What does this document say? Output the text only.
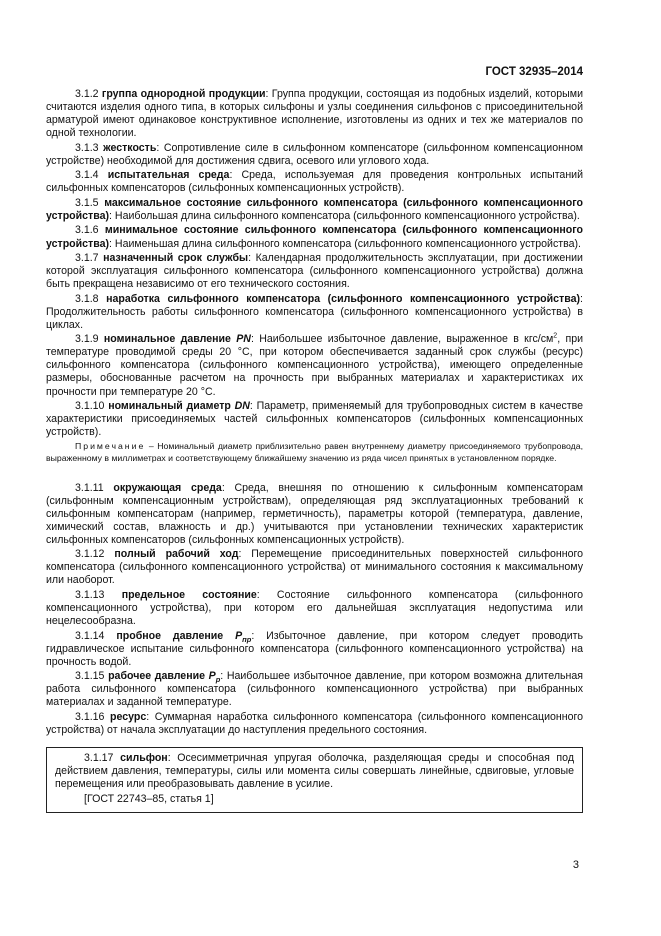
ГОСТ 32935–2014

3.1.2 группа однородной продукции: Группа продукции, состоящая из подобных изделий, которыми считаются изделия одного типа, в которых сильфоны и узлы соединения сильфонов с присоединительной арматурой имеют одинаковое конструктивное исполнение, изготовлены из одних и тех же материалов по одной технологии.

3.1.3 жесткость: Сопротивление силе в сильфонном компенсаторе (сильфонном компенсационном устройстве) необходимой для достижения сдвига, осевого или углового хода.

3.1.4 испытательная среда: Среда, используемая для проведения контрольных испытаний сильфонных компенсаторов (сильфонных компенсационных устройств).

3.1.5 максимальное состояние сильфонного компенсатора (сильфонного компенсационного устройства): Наибольшая длина сильфонного компенсатора (сильфонного компенсационного устройства).

3.1.6 минимальное состояние сильфонного компенсатора (сильфонного компенсационного устройства): Наименьшая длина сильфонного компенсатора (сильфонного компенсационного устройства).

3.1.7 назначенный срок службы: Календарная продолжительность эксплуатации, при достижении которой эксплуатация сильфонного компенсатора (сильфонного компенсационного устройства) должна быть прекращена независимо от его технического состояния.

3.1.8 наработка сильфонного компенсатора (сильфонного компенсационного устройства): Продолжительность работы сильфонного компенсатора (сильфонного компенсационного устройства) в циклах.

3.1.9 номинальное давление PN: Наибольшее избыточное давление, выраженное в кгс/$см^2$, при температуре проводимой среды 20 °С, при котором обеспечивается заданный срок службы (ресурс) сильфонного компенсатора (сильфонного компенсационного устройства), имеющего определенные размеры, обоснованные расчетом на прочность при выбранных материалах и характеристиках их прочности при температуре 20 °С.

3.1.10 номинальный диаметр DN: Параметр, применяемый для трубопроводных систем в качестве характеристики присоединяемых частей сильфонных компенсаторов (сильфонных компенсационных устройств).

Примечание – Номинальный диаметр приблизительно равен внутреннему диаметру присоединяемого трубопровода, выраженному в миллиметрах и соответствующему ближайшему значению из ряда чисел принятых в установленном порядке.

3.1.11 окружающая среда: Среда, внешняя по отношению к сильфонным компенсаторам (сильфонным компенсационным устройствам), определяющая ряд эксплуатационных требований к сильфонным компенсаторам (например, герметичность), параметры которой (температура, давление, химический состав, влажность и др.) учитываются при установлении технических характеристик сильфонных компенсаторов (сильфонных компенсационных устройств).

3.1.12 полный рабочий ход: Перемещение присоединительных поверхностей сильфонного компенсатора (сильфонного компенсационного устройства) от минимального состояния к максимальному или наоборот.

3.1.13 предельное состояние: Состояние сильфонного компенсатора (сильфонного компенсационного устройства), при котором его дальнейшая эксплуатация недопустима или нецелесообразна.

3.1.14 пробное давление $P_{пр}$: Избыточное давление, при котором следует проводить гидравлическое испытание сильфонного компенсатора (сильфонного компенсационного устройства) на прочность водой.

3.1.15 рабочее давление $P_р$: Наибольшее избыточное давление, при котором возможна длительная работа сильфонного компенсатора (сильфонного компенсационного устройства) при выбранных материалах и заданной температуре.

3.1.16 ресурс: Суммарная наработка сильфонного компенсатора (сильфонного компенсационного устройства) от начала эксплуатации до наступления предельного состояния.

3.1.17 сильфон: Осесимметричная упругая оболочка, разделяющая среды и способная под действием давления, температуры, силы или момента силы совершать линейные, сдвиговые, угловые перемещения или преобразовывать давление в усилие.

[ГОСТ 22743–85, статья 1]

3
